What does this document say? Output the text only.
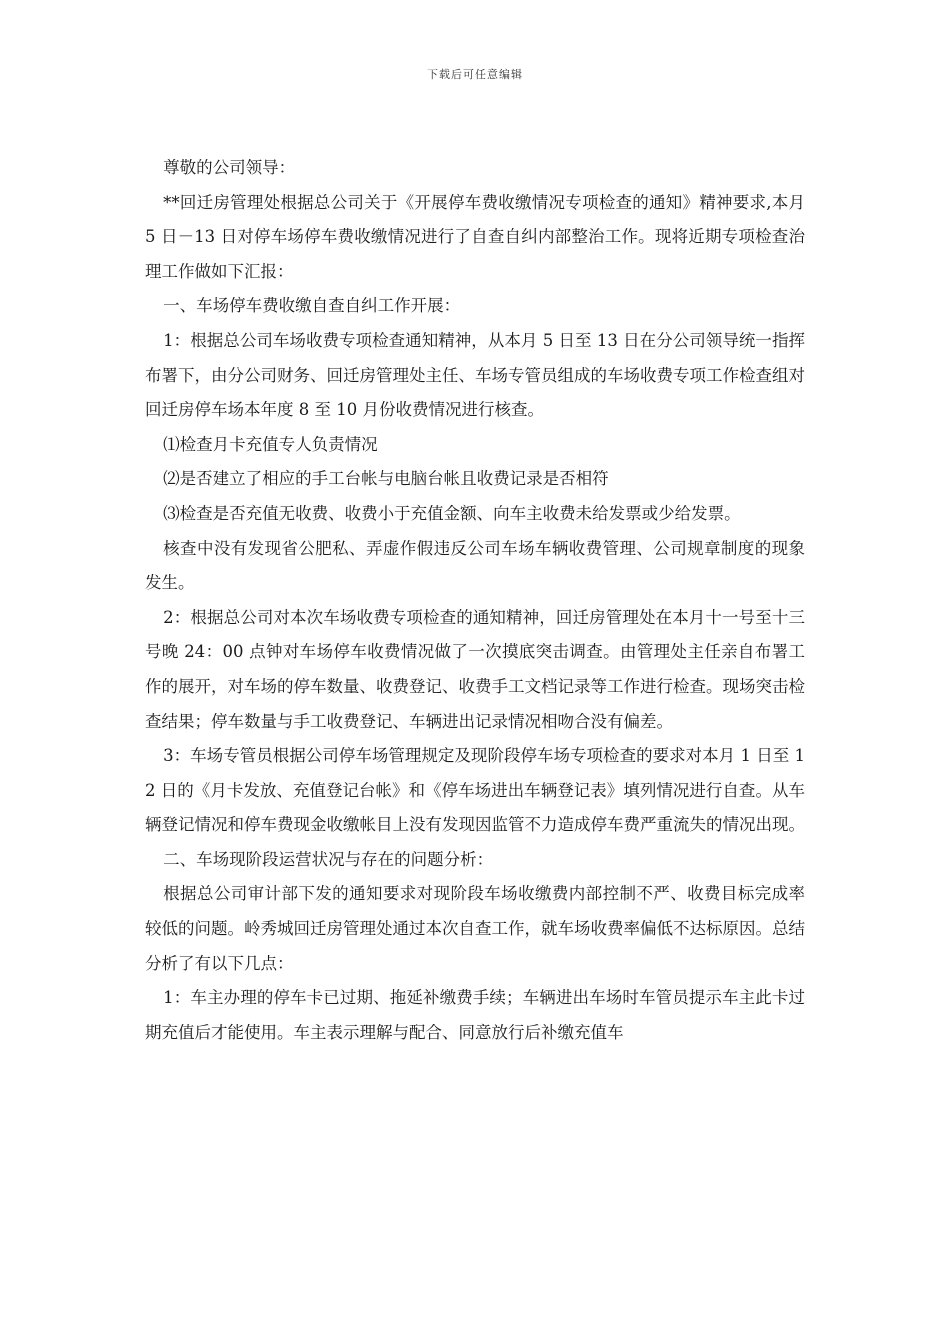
下载后可任意编辑

尊敬的公司领导：

**回迁房管理处根据总公司关于《开展停车费收缴情况专项检查的通知》精神要求,本月 5 日－13 日对停车场停车费收缴情况进行了自查自纠内部整治工作。现将近期专项检查治理工作做如下汇报：

一、车场停车费收缴自查自纠工作开展：

1：根据总公司车场收费专项检查通知精神，从本月 5 日至 13 日在分公司领导统一指挥布署下，由分公司财务、回迁房管理处主任、车场专管员组成的车场收费专项工作检查组对回迁房停车场本年度 8 至 10 月份收费情况进行核查。

⑴检查月卡充值专人负责情况

⑵是否建立了相应的手工台帐与电脑台帐且收费记录是否相符

⑶检查是否充值无收费、收费小于充值金额、向车主收费未给发票或少给发票。

核查中没有发现省公肥私、弄虚作假违反公司车场车辆收费管理、公司规章制度的现象发生。

2：根据总公司对本次车场收费专项检查的通知精神，回迁房管理处在本月十一号至十三号晚 24：00 点钟对车场停车收费情况做了一次摸底突击调查。由管理处主任亲自布署工作的展开，对车场的停车数量、收费登记、收费手工文档记录等工作进行检查。现场突击检查结果；停车数量与手工收费登记、车辆进出记录情况相吻合没有偏差。

3：车场专管员根据公司停车场管理规定及现阶段停车场专项检查的要求对本月 1 日至 12 日的《月卡发放、充值登记台帐》和《停车场进出车辆登记表》填列情况进行自查。从车辆登记情况和停车费现金收缴帐目上没有发现因监管不力造成停车费严重流失的情况出现。

二、车场现阶段运营状况与存在的问题分析：

根据总公司审计部下发的通知要求对现阶段车场收缴费内部控制不严、收费目标完成率较低的问题。岭秀城回迁房管理处通过本次自查工作，就车场收费率偏低不达标原因。总结分析了有以下几点：

1：车主办理的停车卡已过期、拖延补缴费手续；车辆进出车场时车管员提示车主此卡过期充值后才能使用。车主表示理解与配合、同意放行后补缴充值车
